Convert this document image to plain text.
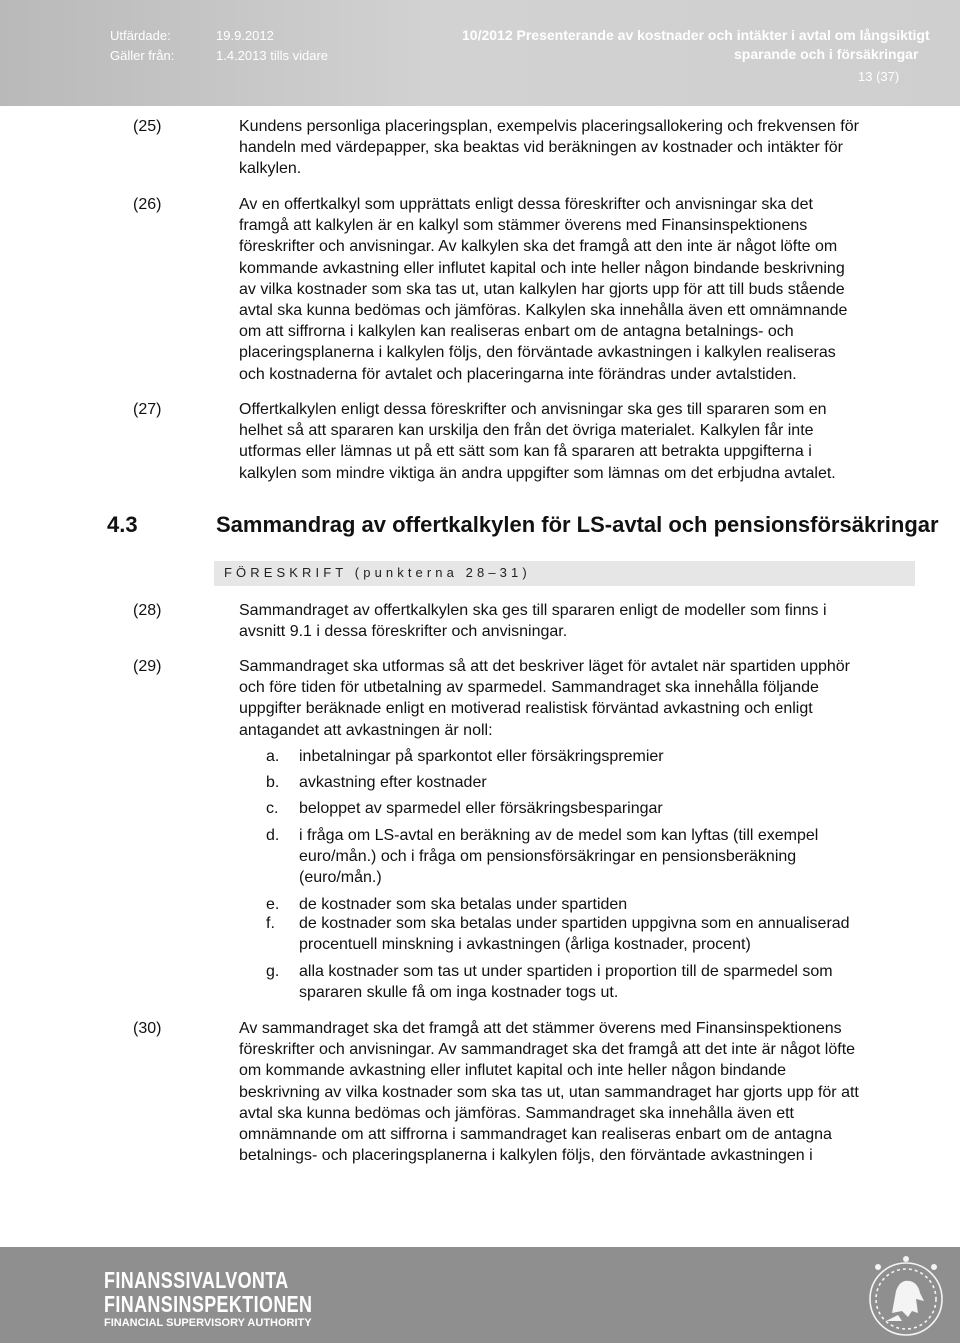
Utfärdade:	19.9.2012
Gäller från:	1.4.2013 tills vidare
10/2012 Presenterande av kostnader och intäkter i avtal om långsiktigt
sparande och i försäkringar
13 (37)
(25)	Kundens personliga placeringsplan, exempelvis placeringsallokering och frekvensen för
handeln med värdepapper, ska beaktas vid beräkningen av kostnader och intäkter för
kalkylen.
(26)	Av en offertkalkyl som upprättats enligt dessa föreskrifter och anvisningar ska det
framgå att kalkylen är en kalkyl som stämmer överens med Finansinspektionens
föreskrifter och anvisningar. Av kalkylen ska det framgå att den inte är något löfte om
kommande avkastning eller influtet kapital och inte heller någon bindande beskrivning
av vilka kostnader som ska tas ut, utan kalkylen har gjorts upp för att till buds stående
avtal ska kunna bedömas och jämföras. Kalkylen ska innehålla även ett omnämnande
om att siffrorna i kalkylen kan realiseras enbart om de antagna betalnings- och
placeringsplanerna i kalkylen följs, den förväntade avkastningen i kalkylen realiseras
och kostnaderna för avtalet och placeringarna inte förändras under avtalstiden.
(27)	Offertkalkylen enligt dessa föreskrifter och anvisningar ska ges till spararen som en
helhet så att spararen kan urskilja den från det övriga materialet. Kalkylen får inte
utformas eller lämnas ut på ett sätt som kan få spararen att betrakta uppgifterna i
kalkylen som mindre viktiga än andra uppgifter som lämnas om det erbjudna avtalet.
4.3	Sammandrag av offertkalkylen för LS-avtal och pensionsförsäkringar
FÖRESKRIFT (punkterna 28–31)
(28)	Sammandraget av offertkalkylen ska ges till spararen enligt de modeller som finns i
avsnitt 9.1 i dessa föreskrifter och anvisningar.
(29)	Sammandraget ska utformas så att det beskriver läget för avtalet när spartiden upphör
och före tiden för utbetalning av sparmedel. Sammandraget ska innehålla följande
uppgifter beräknade enligt en motiverad realistisk förväntad avkastning och enligt
antagandet att avkastningen är noll:
a. inbetalningar på sparkontot eller försäkringspremier
b. avkastning efter kostnader
c. beloppet av sparmedel eller försäkringsbesparingar
d. i fråga om LS-avtal en beräkning av de medel som kan lyftas (till exempel
euro/mån.) och i fråga om pensionsförsäkringar en pensionsberäkning
(euro/mån.)
e. de kostnader som ska betalas under spartiden
f. de kostnader som ska betalas under spartiden uppgivna som en annualiserad
procentuell minskning i avkastningen (årliga kostnader, procent)
g. alla kostnader som tas ut under spartiden i proportion till de sparmedel som
spararen skulle få om inga kostnader togs ut.
(30)	Av sammandraget ska det framgå att det stämmer överens med Finansinspektionens
föreskrifter och anvisningar. Av sammandraget ska det framgå att det inte är något löfte
om kommande avkastning eller influtet kapital och inte heller någon bindande
beskrivning av vilka kostnader som ska tas ut, utan sammandraget har gjorts upp för att
avtal ska kunna bedömas och jämföras. Sammandraget ska innehålla även ett
omnämnande om att siffrorna i sammandraget kan realiseras enbart om de antagna
betalnings- och placeringsplanerna i kalkylen följs, den förväntade avkastningen i
FINANSSIVALVONTA
FINANSINSPEKTIONEN
FINANCIAL SUPERVISORY AUTHORITY
